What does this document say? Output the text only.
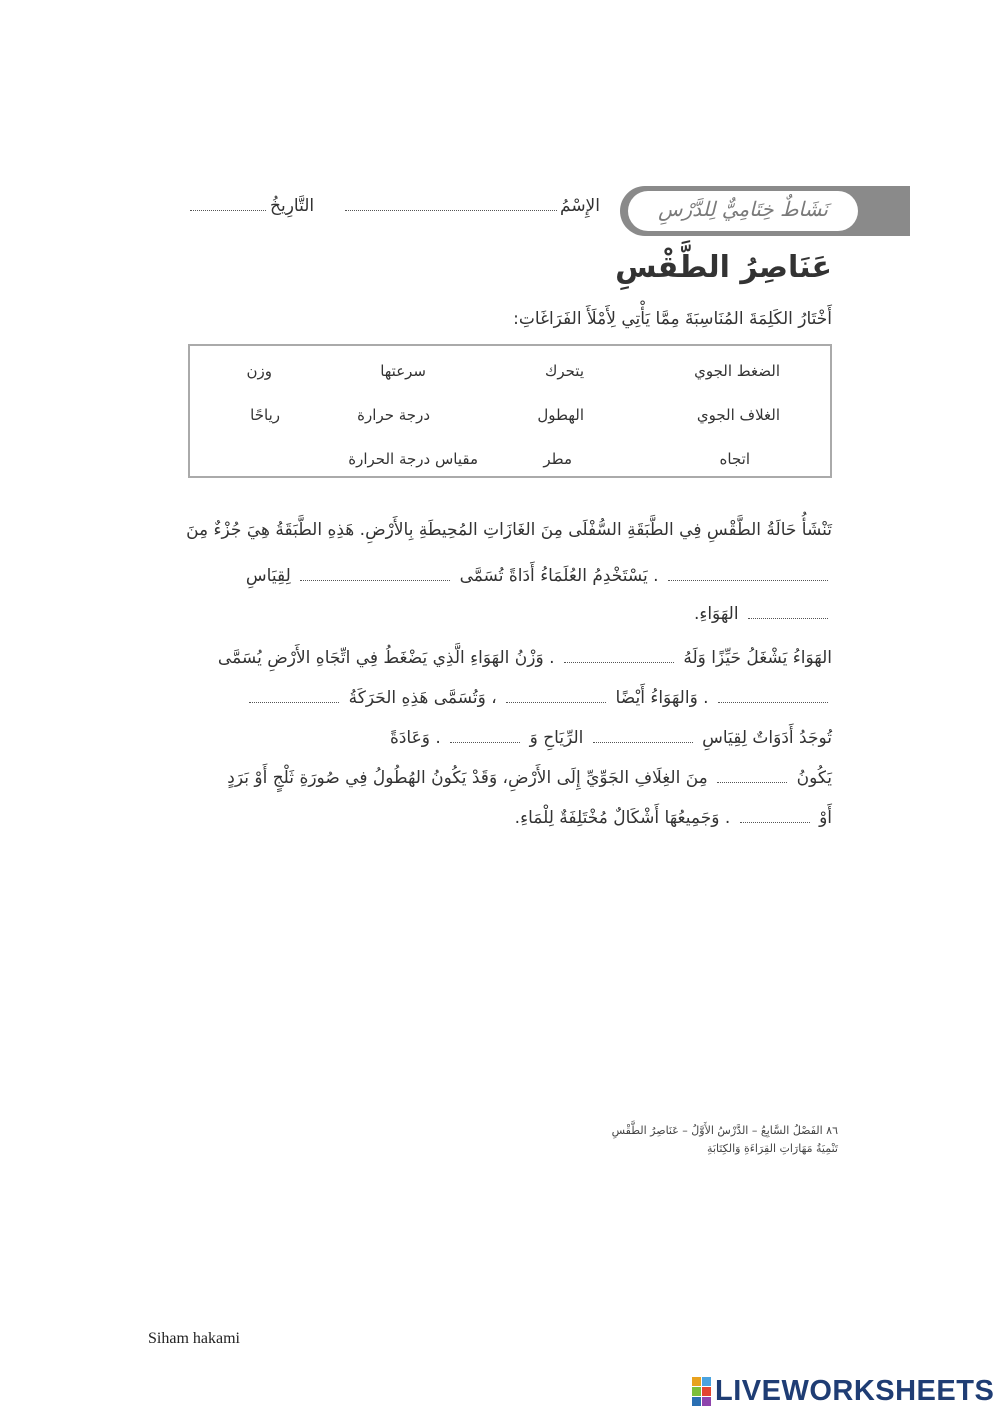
نَشَاطٌ خِتَامِيٌّ لِلدَّرْسِ
الإِسْمُ
التَّارِيخُ
عَنَاصِرُ الطَّقْسِ
أَخْتَارُ الكَلِمَةَ المُنَاسِبَةَ مِمَّا يَأْتِي لِأَمْلَأَ الفَرَاغَاتِ:
الضغط الجوي
يتحرك
سرعتها
وزن
الغلاف الجوي
الهطول
درجة حرارة
رياحًا
اتجاه
مطر
مقياس درجة الحرارة
تَنْشَأُ حَالَةُ الطَّقْسِ فِي الطَّبَقَةِ السُّفْلَى مِنَ الغَازَاتِ المُحِيطَةِ بِالأَرْضِ. هَذِهِ الطَّبَقَةُ هِيَ جُزْءٌ مِنَ
. يَسْتَخْدِمُ العُلَمَاءُ أَدَاةً تُسَمَّى  لِقِيَاسِ
الهَوَاءِ.
الهَوَاءُ يَشْغَلُ حَيِّزًا وَلَهُ  . وَزْنُ الهَوَاءِ الَّذِي يَضْغَطُ فِي اتِّجَاهِ الأَرْضِ يُسَمَّى
. وَالهَوَاءُ أَيْضًا  ، وَتُسَمَّى هَذِهِ الحَرَكَةُ
تُوجَدُ أَدَوَاتٌ لِقِيَاسِ  الرِّيَاحِ وَ  . وَعَادَةً
يَكُونُ  مِنَ الغِلَافِ الجَوِّيِّ إِلَى الأَرْضِ، وَقَدْ يَكُونُ الهُطُولُ فِي صُورَةِ ثَلْجٍ أَوْ بَرَدٍ
أَوْ  . وَجَمِيعُهَا أَشْكَالٌ مُخْتَلِفَةٌ لِلْمَاءِ.
٨٦ الفَصْلُ السَّابِعُ – الدَّرْسُ الأَوَّلُ – عَنَاصِرُ الطَّقْسِ
تَنْمِيَةُ مَهَارَاتِ القِرَاءَةِ وَالكِتَابَةِ
Siham hakami
LIVEWORKSHEETS
